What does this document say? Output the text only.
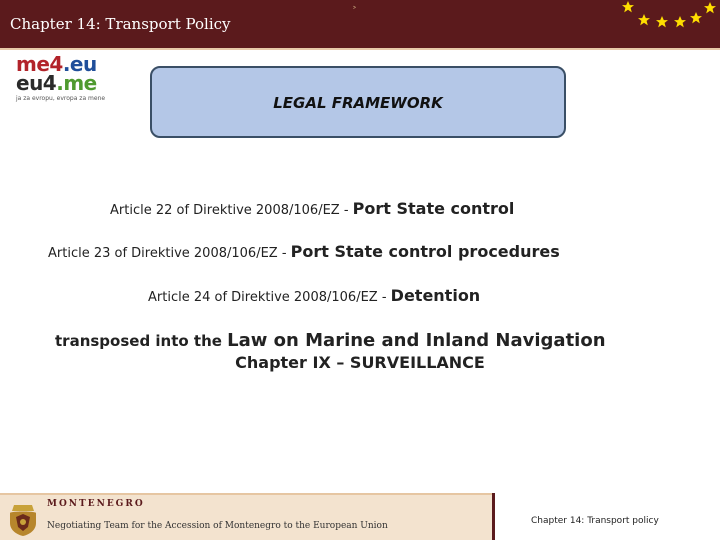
Chapter 14: Transport Policy
˃
me4.eu
eu4.me
ja za evropu, evropa za mene	LEGAL FRAMEWORK
Article 22 of Direktive 2008/106/EZ - Port State control
Article 23 of Direktive 2008/106/EZ - Port State control procedures
Article 24 of Direktive 2008/106/EZ - Detention
transposed into the Law on Marine and Inland Navigation
Chapter IX – SURVEILLANCE
MONTENEGRO
Negotiating Team for the Accession of Montenegro to the European Union	Chapter 14: Transport policy
